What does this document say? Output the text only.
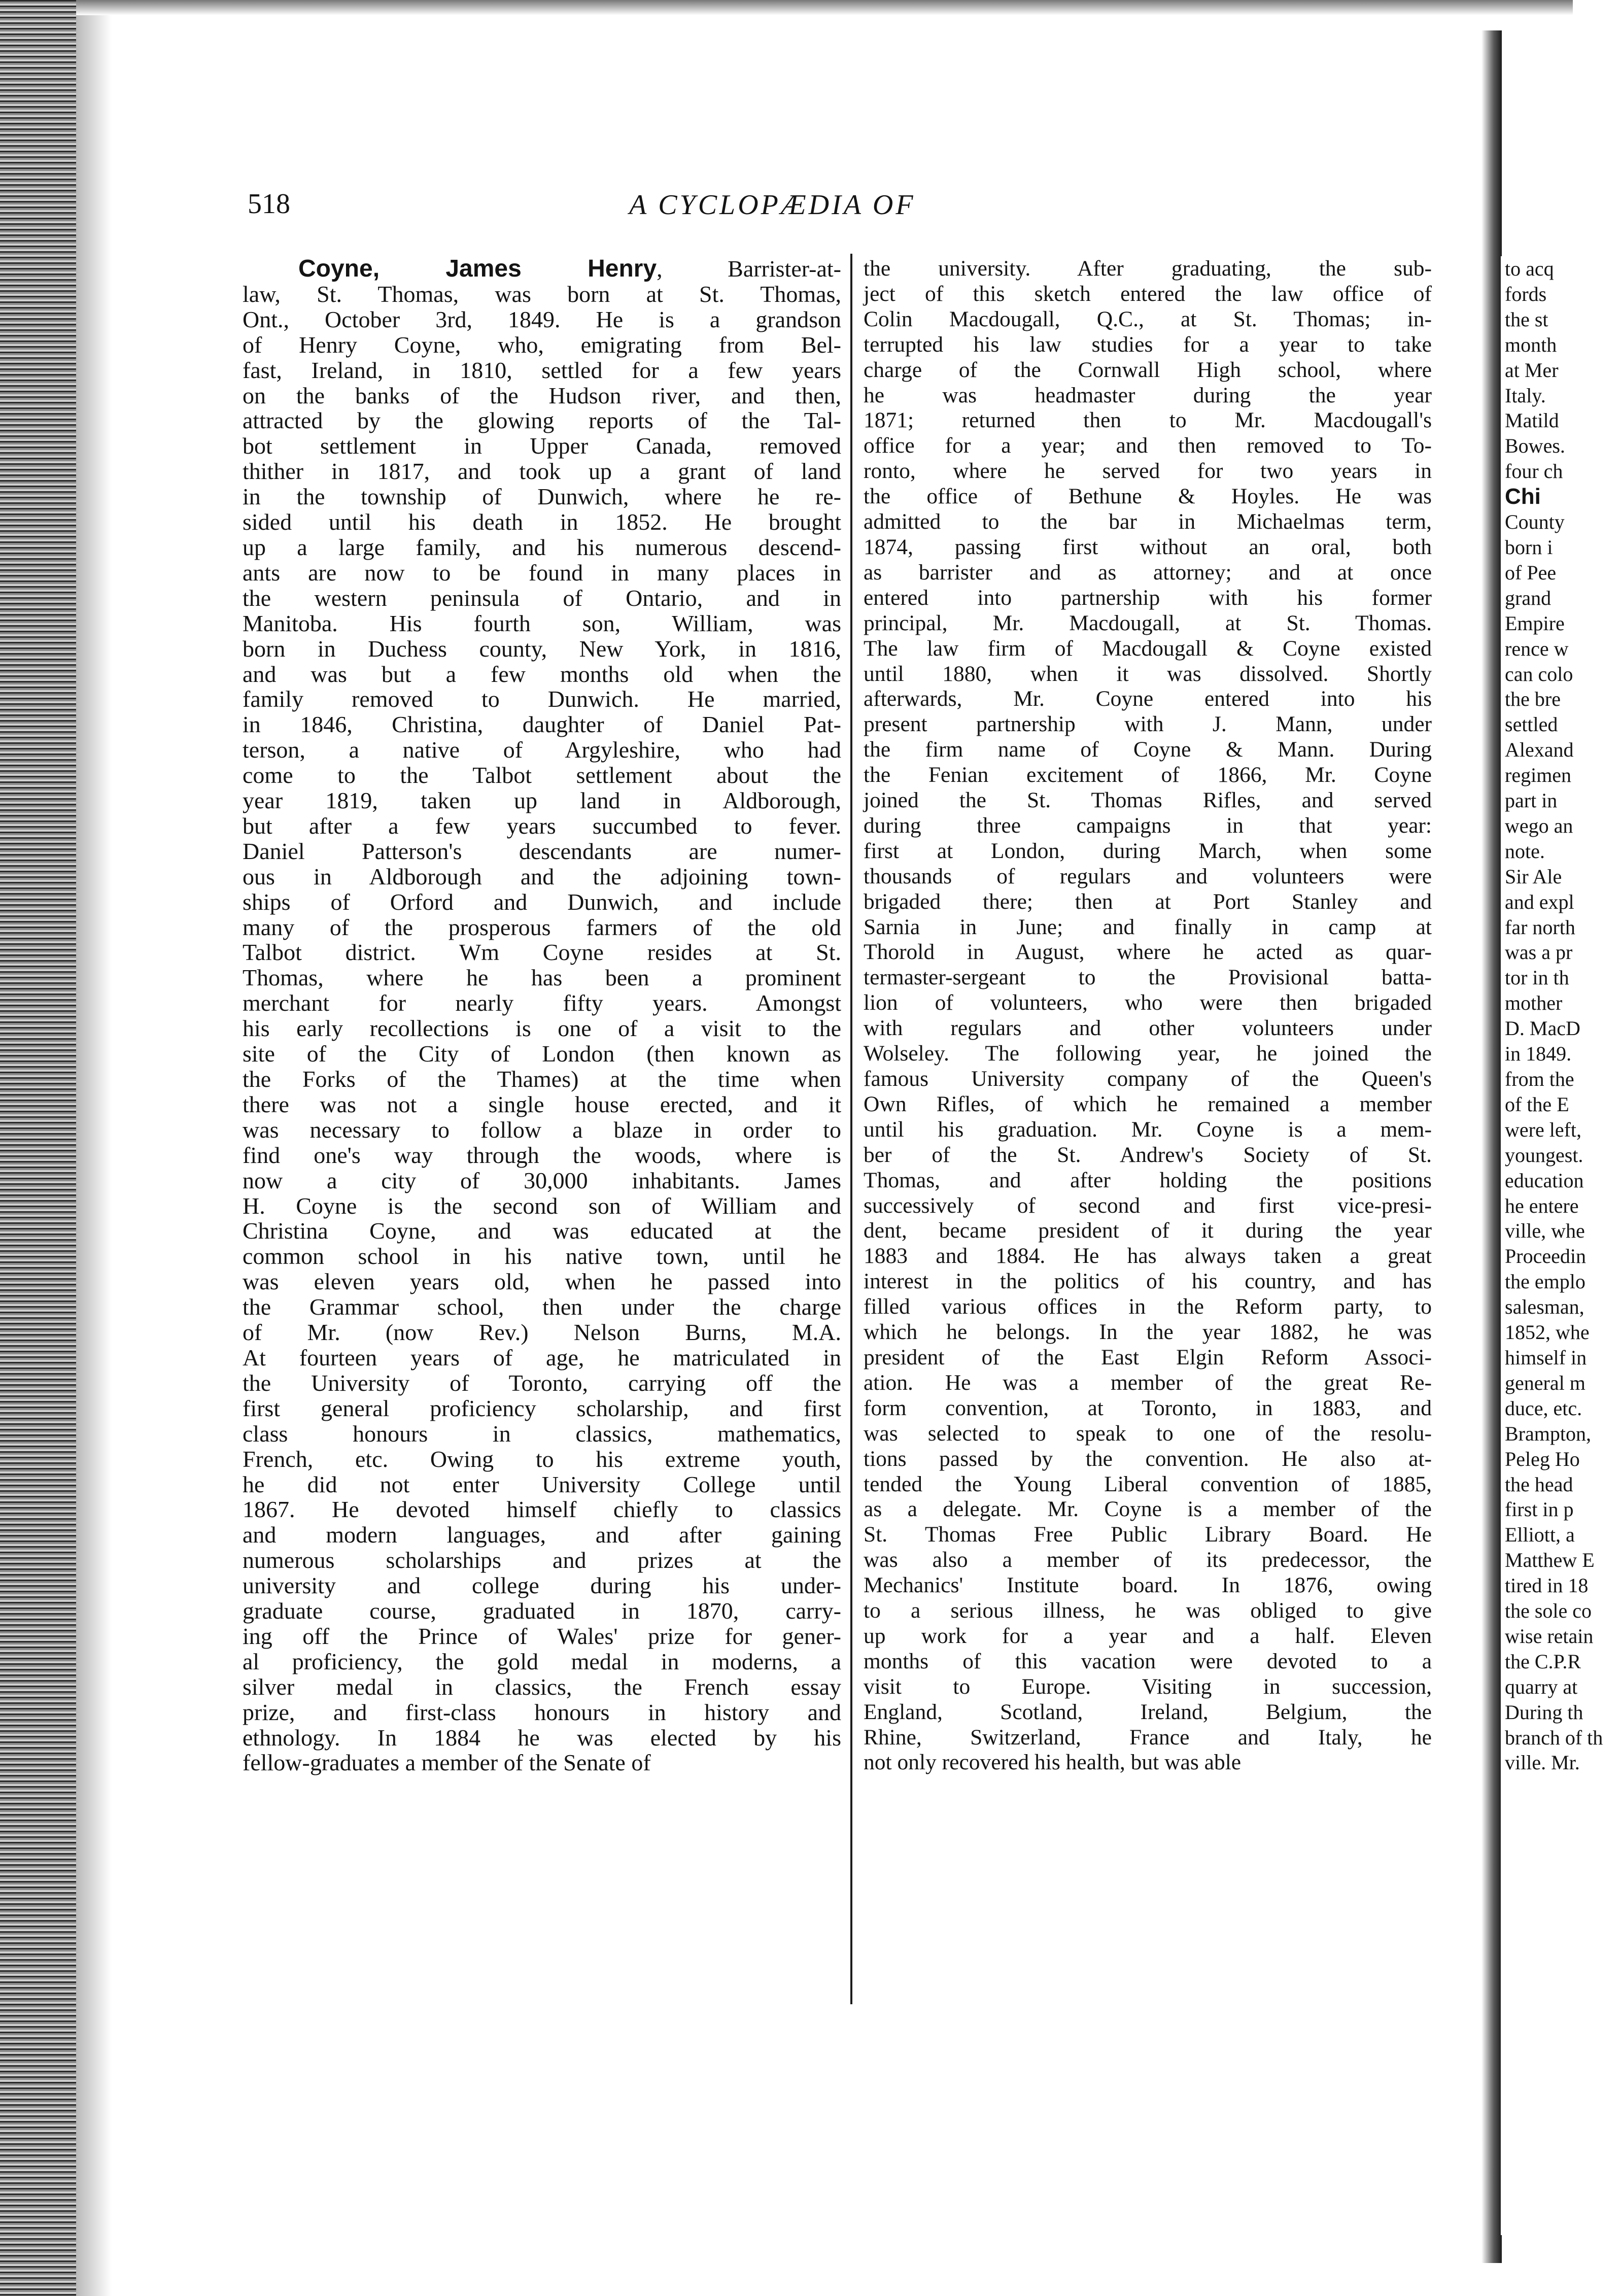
518	A CYCLOPÆDIA OF
Coyne, James Henry, Barrister-at-
law, St. Thomas, was born at St. Thomas,
Ont., October 3rd, 1849. He is a grandson
of Henry Coyne, who, emigrating from Bel-
fast, Ireland, in 1810, settled for a few years
on the banks of the Hudson river, and then,
attracted by the glowing reports of the Tal-
bot settlement in Upper Canada, removed
thither in 1817, and took up a grant of land
in the township of Dunwich, where he re-
sided until his death in 1852. He brought
up a large family, and his numerous descend-
ants are now to be found in many places in
the western peninsula of Ontario, and in
Manitoba. His fourth son, William, was
born in Duchess county, New York, in 1816,
and was but a few months old when the
family removed to Dunwich. He married,
in 1846, Christina, daughter of Daniel Pat-
terson, a native of Argyleshire, who had
come to the Talbot settlement about the
year 1819, taken up land in Aldborough,
but after a few years succumbed to fever.
Daniel Patterson's descendants are numer-
ous in Aldborough and the adjoining town-
ships of Orford and Dunwich, and include
many of the prosperous farmers of the old
Talbot district. Wm Coyne resides at St.
Thomas, where he has been a prominent
merchant for nearly fifty years. Amongst
his early recollections is one of a visit to the
site of the City of London (then known as
the Forks of the Thames) at the time when
there was not a single house erected, and it
was necessary to follow a blaze in order to
find one's way through the woods, where is
now a city of 30,000 inhabitants. James
H. Coyne is the second son of William and
Christina Coyne, and was educated at the
common school in his native town, until he
was eleven years old, when he passed into
the Grammar school, then under the charge
of Mr. (now Rev.) Nelson Burns, M.A.
At fourteen years of age, he matriculated in
the University of Toronto, carrying off the
first general proficiency scholarship, and first
class honours in classics, mathematics,
French, etc. Owing to his extreme youth,
he did not enter University College until
1867. He devoted himself chiefly to classics
and modern languages, and after gaining
numerous scholarships and prizes at the
university and college during his under-
graduate course, graduated in 1870, carry-
ing off the Prince of Wales' prize for gener-
al proficiency, the gold medal in moderns, a
silver medal in classics, the French essay
prize, and first-class honours in history and
ethnology. In 1884 he was elected by his
fellow-graduates a member of the Senate of
the university. After graduating, the sub-
ject of this sketch entered the law office of
Colin Macdougall, Q.C., at St. Thomas; in-
terrupted his law studies for a year to take
charge of the Cornwall High school, where
he was headmaster during the year
1871; returned then to Mr. Macdougall's
office for a year; and then removed to To-
ronto, where he served for two years in
the office of Bethune & Hoyles. He was
admitted to the bar in Michaelmas term,
1874, passing first without an oral, both
as barrister and as attorney; and at once
entered into partnership with his former
principal, Mr. Macdougall, at St. Thomas.
The law firm of Macdougall & Coyne existed
until 1880, when it was dissolved. Shortly
afterwards, Mr. Coyne entered into his
present partnership with J. Mann, under
the firm name of Coyne & Mann. During
the Fenian excitement of 1866, Mr. Coyne
joined the St. Thomas Rifles, and served
during three campaigns in that year:
first at London, during March, when some
thousands of regulars and volunteers were
brigaded there; then at Port Stanley and
Sarnia in June; and finally in camp at
Thorold in August, where he acted as quar-
termaster-sergeant to the Provisional batta-
lion of volunteers, who were then brigaded
with regulars and other volunteers under
Wolseley. The following year, he joined the
famous University company of the Queen's
Own Rifles, of which he remained a member
until his graduation. Mr. Coyne is a mem-
ber of the St. Andrew's Society of St.
Thomas, and after holding the positions
successively of second and first vice-presi-
dent, became president of it during the year
1883 and 1884. He has always taken a great
interest in the politics of his country, and has
filled various offices in the Reform party, to
which he belongs. In the year 1882, he was
president of the East Elgin Reform Associ-
ation. He was a member of the great Re-
form convention, at Toronto, in 1883, and
was selected to speak to one of the resolu-
tions passed by the convention. He also at-
tended the Young Liberal convention of 1885,
as a delegate. Mr. Coyne is a member of the
St. Thomas Free Public Library Board. He
was also a member of its predecessor, the
Mechanics' Institute board. In 1876, owing
to a serious illness, he was obliged to give
up work for a year and a half. Eleven
months of this vacation were devoted to a
visit to Europe. Visiting in succession,
England, Scotland, Ireland, Belgium, the
Rhine, Switzerland, France and Italy, he
not only recovered his health, but was able
to acq
fords
the st
month
at Mer
Italy.
Matild
Bowes.
four ch
Chi
County
born i
of Pee
grand
Empire
rence w
can colo
the bre
settled
Alexand
regimen
part in
wego an
note.
Sir Ale
and expl
far north
was a pr
tor in th
mother
D. MacD
in 1849.
from the
of the E
were left,
youngest.
education
he entere
ville, whe
Proceedin
the emplo
salesman,
1852, whe
himself in
general m
duce, etc.
Brampton,
Peleg Ho
the head
first in p
Elliott, a
Matthew E
tired in 18
the sole co
wise retain
the C.P.R
quarry at
During th
branch of th
ville. Mr.
